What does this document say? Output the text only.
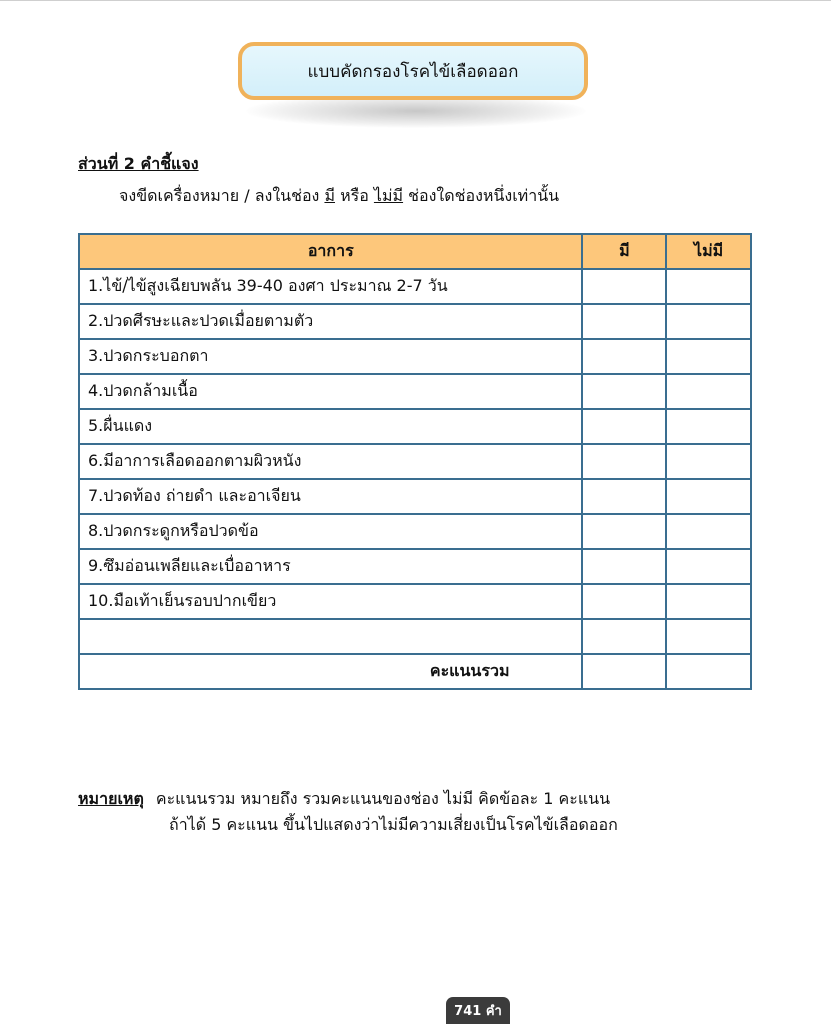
แบบคัดกรองโรคไข้เลือดออก
ส่วนที่ 2 คำชี้แจง
จงขีดเครื่องหมาย / ลงในช่อง มี หรือ ไม่มี ช่องใดช่องหนึ่งเท่านั้น
อาการ	มี	ไม่มี
1.ไข้/ไข้สูงเฉียบพลัน 39-40 องศา ประมาณ 2-7 วัน		
2.ปวดศีรษะและปวดเมื่อยตามตัว		
3.ปวดกระบอกตา		
4.ปวดกล้ามเนื้อ		
5.ผื่นแดง		
6.มีอาการเลือดออกตามผิวหนัง		
7.ปวดท้อง ถ่ายดำ และอาเจียน		
8.ปวดกระดูกหรือปวดข้อ		
9.ซึมอ่อนเพลียและเบื่ออาหาร		
10.มือเท้าเย็นรอบปากเขียว		

คะแนนรวม		
หมายเหตุ คะแนนรวม หมายถึง รวมคะแนนของช่อง ไม่มี คิดข้อละ 1 คะแนน
ถ้าได้ 5 คะแนน ขึ้นไปแสดงว่าไม่มีความเสี่ยงเป็นโรคไข้เลือดออก
741 คำ
